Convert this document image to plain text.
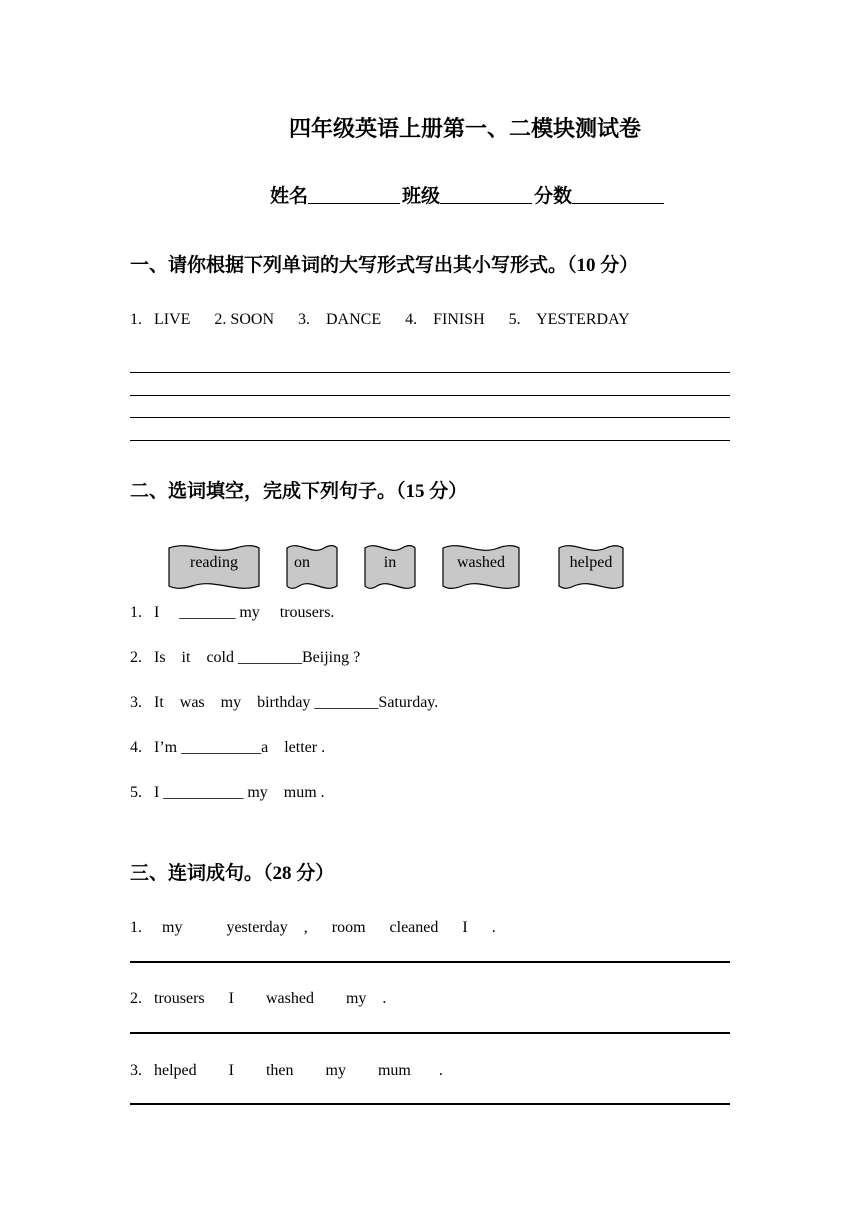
四年级英语上册第一、二模块测试卷
姓名	班级	分数
一、请你根据下列单词的大写形式写出其小写形式。（10 分）
1.   LIVE      2. SOON      3.    DANCE      4.    FINISH      5.    YESTERDAY
二、选词填空，完成下列句子。（15 分）
reading	on	in	washed	helped
1.   I     _______ my     trousers.
2.   Is    it    cold ________Beijing ?
3.   It    was    my    birthday ________Saturday.
4.   I’m __________a    letter .
5.   I __________ my    mum .
三、连词成句。（28 分）
1.     my           yesterday    ,      room      cleaned      I      .
2.   trousers      I        washed        my    .
3.   helped        I        then        my        mum       .
